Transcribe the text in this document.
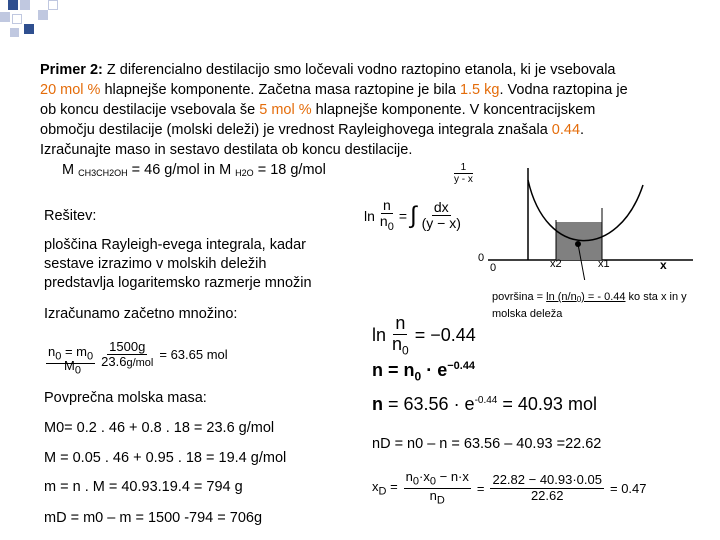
Primer 2: Z diferencialno destilacijo smo ločevali vodno raztopino etanola, ki je vsebovala
20 mol % hlapnejše komponente. Začetna masa raztopine je bila 1.5 kg. Vodna raztopina je
ob koncu destilacije vsebovala še 5 mol % hlapnejše komponente. V koncentracijskem
območju destilacije (molski deleži) je vrednost Rayleighovega integrala znašala 0.44.
Izračunajte maso in sestavo destilata ob koncu destilacije.
MCH3CH2OH = 46 g/mol in M H2O = 18 g/mol
Rešitev:
ploščina Rayleigh-evega integrala, kadar
sestave izrazimo v molskih deležih
predstavlja logaritemsko razmerje množin
Izračunamo začetno množino:
$n_0 = m_0 \frac{1500g}{\text{23.6g/mol}} = 63.65$ mol
$M_0$
Povprečna molska masa:
M0= 0.2 . 46 + 0.8 . 18 = 23.6 g/mol
M = 0.05 . 46 + 0.95 . 18 = 19.4 g/mol
m = n . M = 40.93.19.4 = 794 g
mD = m0 – m = 1500 -794 = 706g
$\ln \frac{n}{n_0}$ = ∫ $\frac{dx}{(y - x)}$
$\frac{1}{y - x}$
0
0	x2	x1	x
površina = ln (n/n0) = - 0.44 ko sta x in y
molska deleža
$\ln \frac{n}{n_0} = -0.44$
$n = n_0 \cdot e^{-0.44}$
$n = 63.56 \cdot e^{-0.44} = 40.93$ mol
nD = n0 – n = 63.56 – 40.93 =22.62
$x_D = \frac{n_0\cdot x_0 - n\cdot x}{n_D} = \frac{22.82 - 40.93\cdot 0.05}{22.62} = 0.47$
